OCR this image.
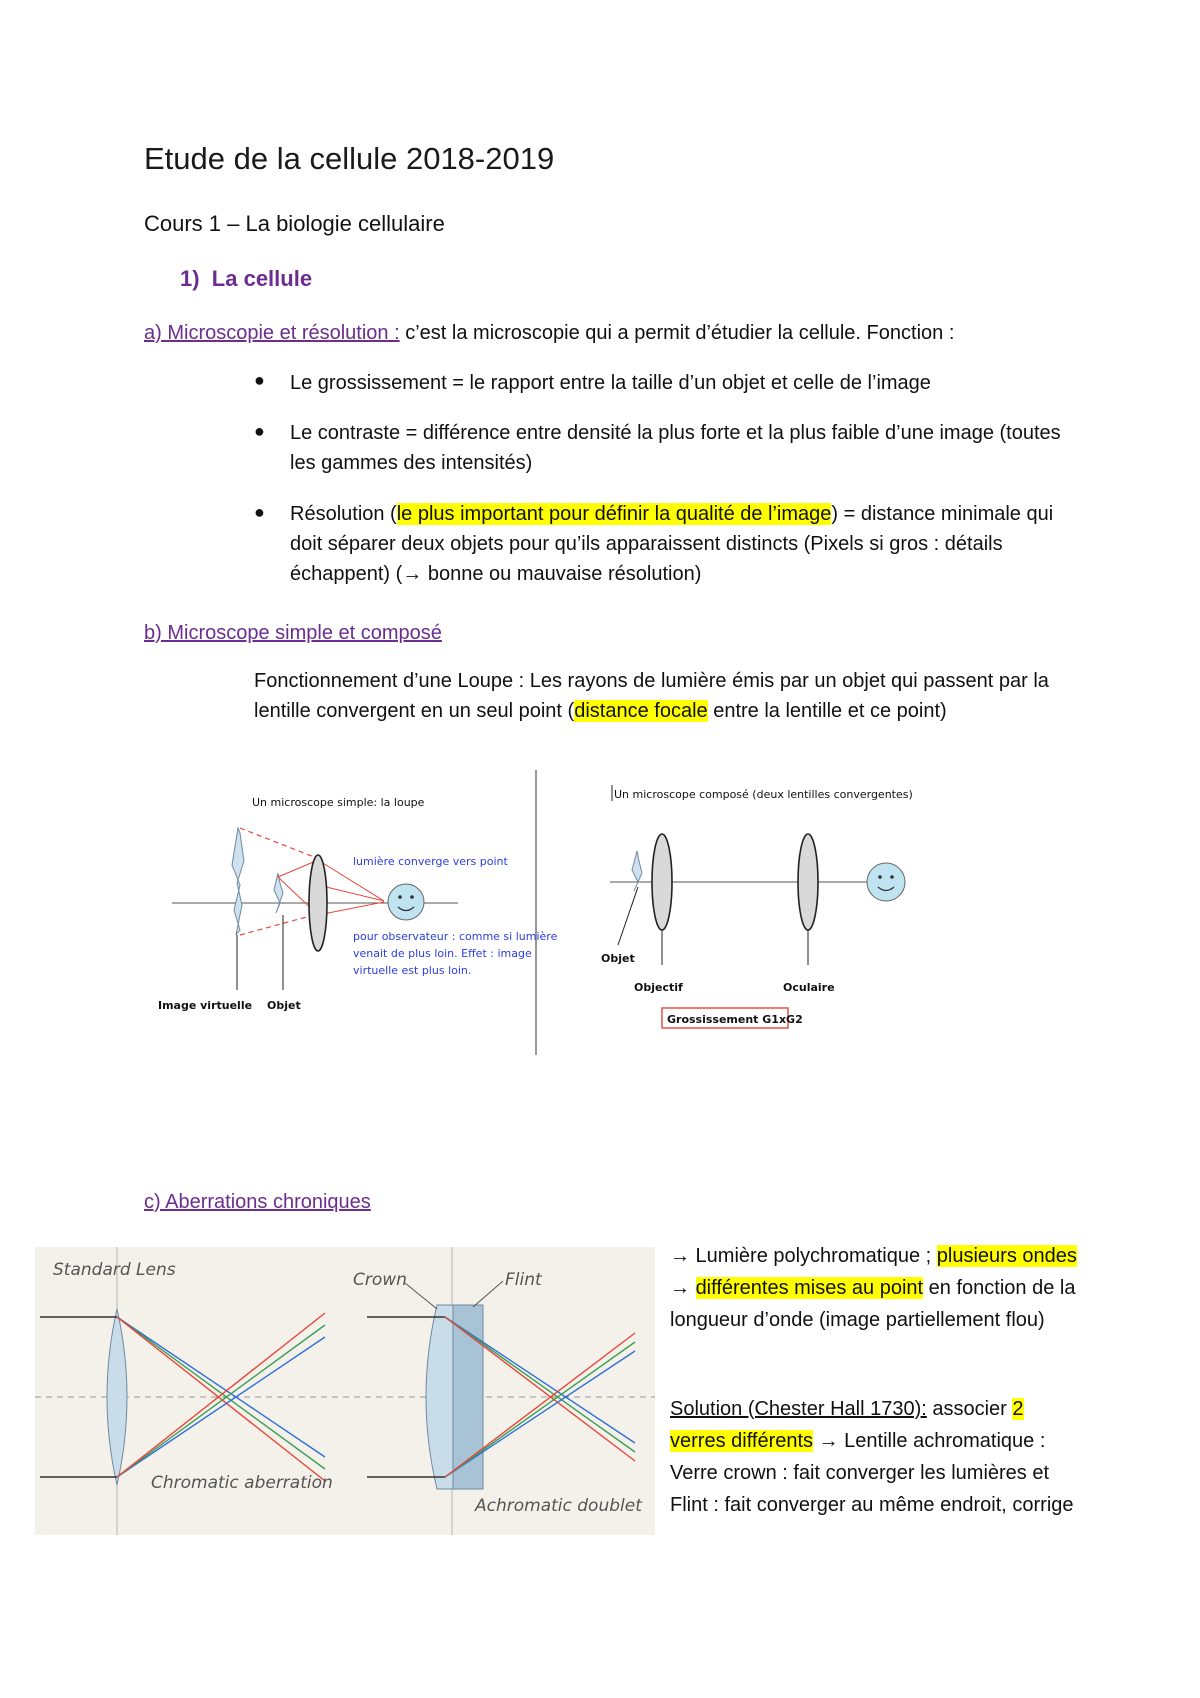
Etude de la cellule 2018-2019
Cours 1 – La biologie cellulaire
1) La cellule
a) Microscopie et résolution : c’est la microscopie qui a permit d’étudier la cellule. Fonction :
● Le grossissement = le rapport entre la taille d’un objet et celle de l’image
● Le contraste = différence entre densité la plus forte et la plus faible d’une image (toutes les gammes des intensités)
● Résolution (le plus important pour définir la qualité de l’image) = distance minimale qui doit séparer deux objets pour qu’ils apparaissent distincts (Pixels si gros : détails échappent) (→ bonne ou mauvaise résolution)
b) Microscope simple et composé
Fonctionnement d’une Loupe : Les rayons de lumière émis par un objet qui passent par la lentille convergent en un seul point (distance focale entre la lentille et ce point)
Un microscope simple: la loupe
lumière converge vers point
pour observateur : comme si lumière
venait de plus loin. Effet : image
virtuelle est plus loin.
Image virtuelle Objet
Un microscope composé (deux lentilles convergentes)
Objet
Objectif	Oculaire
Grossissement G1xG2
c) Aberrations chroniques
Standard Lens
Chromatic aberration
Crown	Flint
Achromatic doublet
→ Lumière polychromatique ; plusieurs ondes → différentes mises au point en fonction de la longueur d’onde (image partiellement flou)
Solution (Chester Hall 1730): associer 2 verres différents → Lentille achromatique : Verre crown : fait converger les lumières et Flint : fait converger au même endroit, corrige
